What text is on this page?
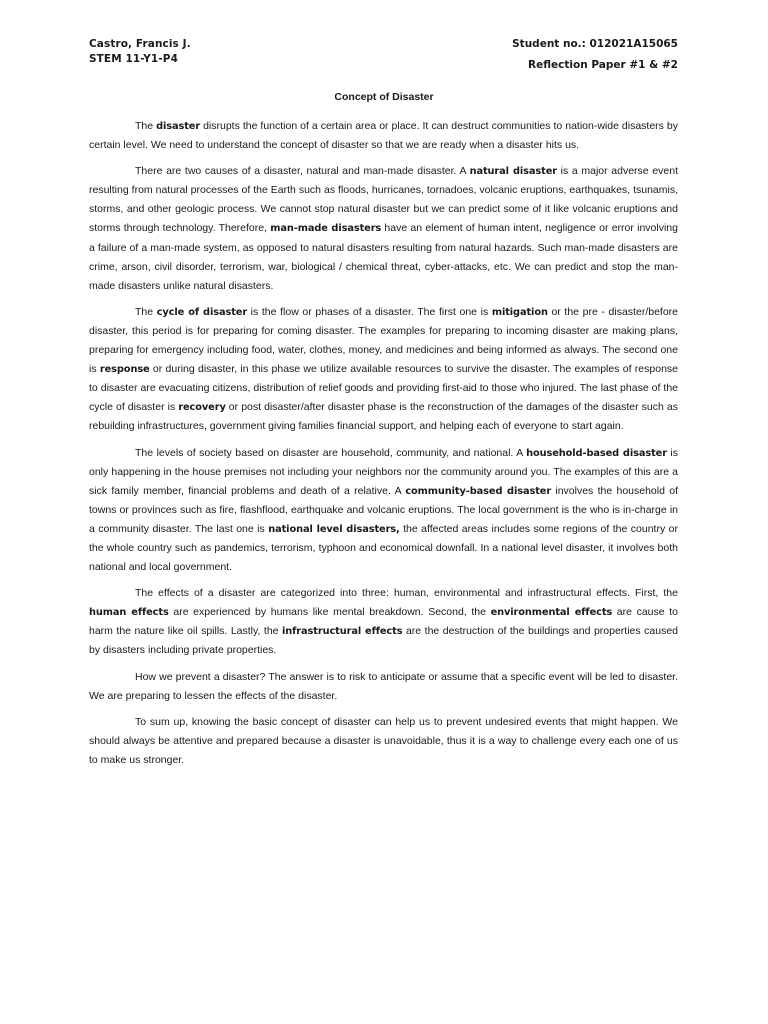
Castro, Francis J.
STEM 11-Y1-P4
Student no.: 012021A15065
Reflection Paper #1 & #2
Concept of Disaster

The disaster disrupts the function of a certain area or place. It can destruct communities to nation-wide disasters by certain level. We need to understand the concept of disaster so that we are ready when a disaster hits us.

There are two causes of a disaster, natural and man-made disaster. A natural disaster is a major adverse event resulting from natural processes of the Earth such as floods, hurricanes, tornadoes, volcanic eruptions, earthquakes, tsunamis, storms, and other geologic process. We cannot stop natural disaster but we can predict some of it like volcanic eruptions and storms through technology. Therefore, man-made disasters have an element of human intent, negligence or error involving a failure of a man-made system, as opposed to natural disasters resulting from natural hazards. Such man-made disasters are crime, arson, civil disorder, terrorism, war, biological / chemical threat, cyber-attacks, etc. We can predict and stop the man-made disasters unlike natural disasters.

The cycle of disaster is the flow or phases of a disaster. The first one is mitigation or the pre - disaster/before disaster, this period is for preparing for coming disaster. The examples for preparing to incoming disaster are making plans, preparing for emergency including food, water, clothes, money, and medicines and being informed as always. The second one is response or during disaster, in this phase we utilize available resources to survive the disaster. The examples of response to disaster are evacuating citizens, distribution of relief goods and providing first-aid to those who injured. The last phase of the cycle of disaster is recovery or post disaster/after disaster phase is the reconstruction of the damages of the disaster such as rebuilding infrastructures, government giving families financial support, and helping each of everyone to start again.

The levels of society based on disaster are household, community, and national. A household-based disaster is only happening in the house premises not including your neighbors nor the community around you. The examples of this are a sick family member, financial problems and death of a relative. A community-based disaster involves the household of towns or provinces such as fire, flashflood, earthquake and volcanic eruptions. The local government is the who is in-charge in a community disaster. The last one is national level disasters, the affected areas includes some regions of the country or the whole country such as pandemics, terrorism, typhoon and economical downfall. In a national level disaster, it involves both national and local government.

The effects of a disaster are categorized into three: human, environmental and infrastructural effects. First, the human effects are experienced by humans like mental breakdown. Second, the environmental effects are cause to harm the nature like oil spills. Lastly, the infrastructural effects are the destruction of the buildings and properties caused by disasters including private properties.

How we prevent a disaster? The answer is to risk to anticipate or assume that a specific event will be led to disaster. We are preparing to lessen the effects of the disaster.

To sum up, knowing the basic concept of disaster can help us to prevent undesired events that might happen. We should always be attentive and prepared because a disaster is unavoidable, thus it is a way to challenge every each one of us to make us stronger.
